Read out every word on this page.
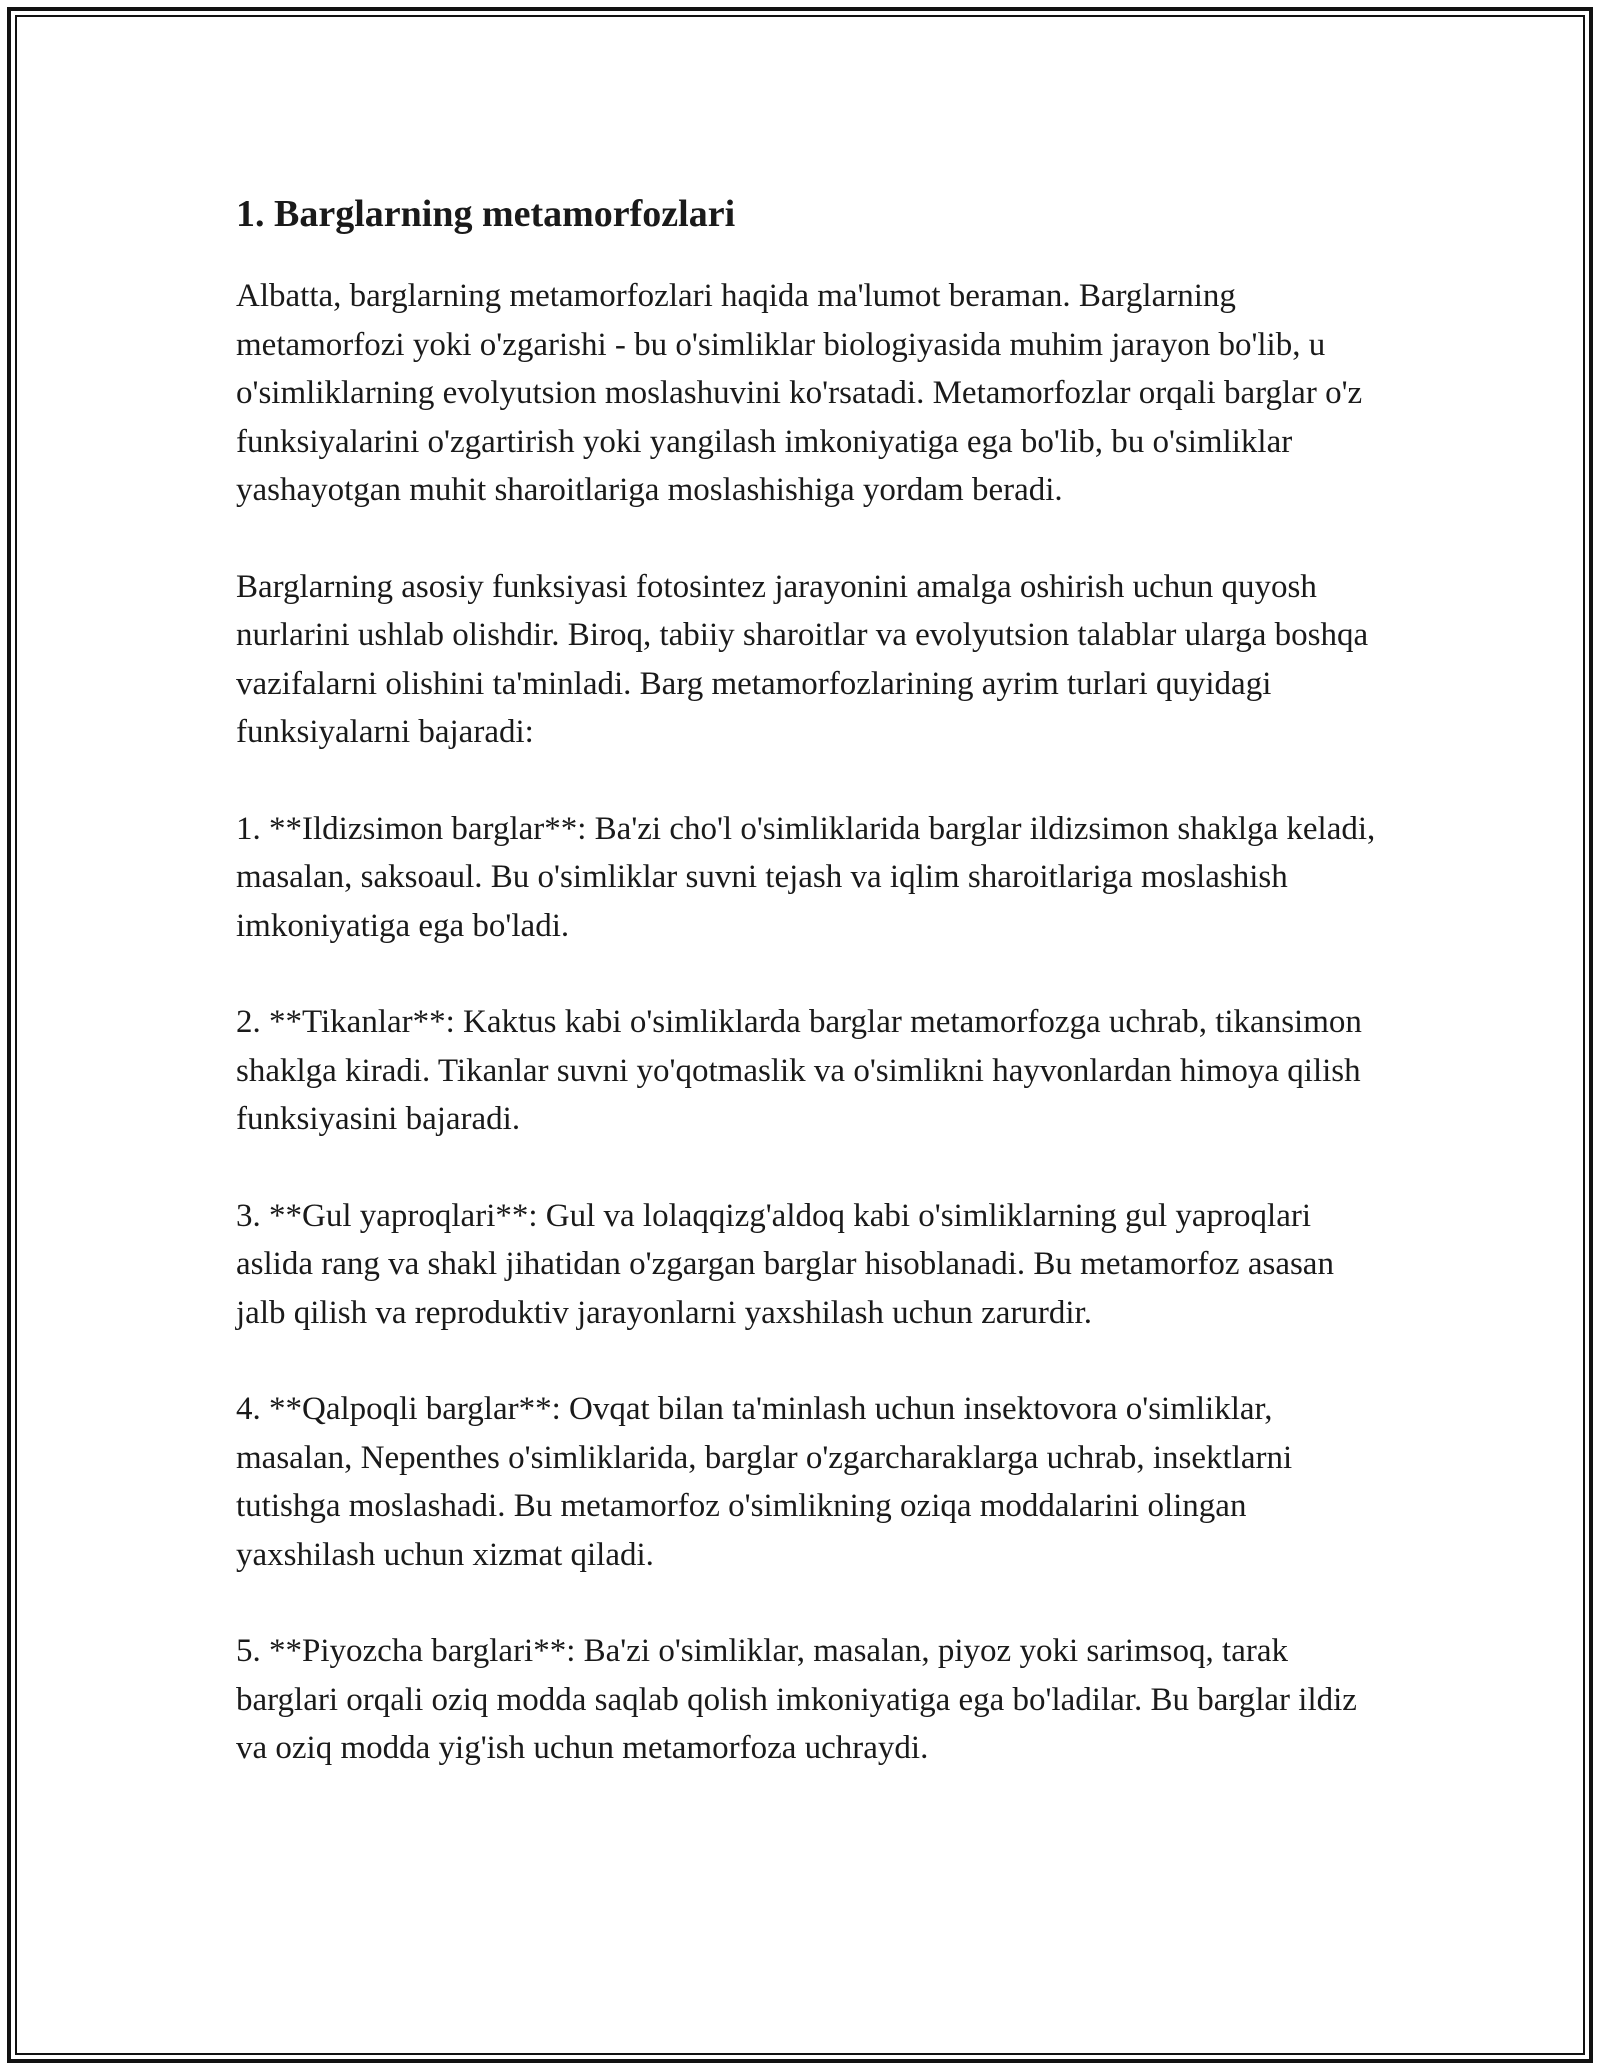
1. Barglarning metamorfozlari

Albatta, barglarning metamorfozlari haqida ma'lumot beraman. Barglarning metamorfozi yoki o'zgarishi - bu o'simliklar biologiyasida muhim jarayon bo'lib, u o'simliklarning evolyutsion moslashuvini ko'rsatadi. Metamorfozlar orqali barglar o'z funksiyalarini o'zgartirish yoki yangilash imkoniyatiga ega bo'lib, bu o'simliklar yashayotgan muhit sharoitlariga moslashishiga yordam beradi.

Barglarning asosiy funksiyasi fotosintez jarayonini amalga oshirish uchun quyosh nurlarini ushlab olishdir. Biroq, tabiiy sharoitlar va evolyutsion talablar ularga boshqa vazifalarni olishini ta'minladi. Barg metamorfozlarining ayrim turlari quyidagi funksiyalarni bajaradi:

1. **Ildizsimon barglar**: Ba'zi cho'l o'simliklarida barglar ildizsimon shaklga keladi, masalan, saksoaul. Bu o'simliklar suvni tejash va iqlim sharoitlariga moslashish imkoniyatiga ega bo'ladi.

2. **Tikanlar**: Kaktus kabi o'simliklarda barglar metamorfozga uchrab, tikansimon shaklga kiradi. Tikanlar suvni yo'qotmaslik va o'simlikni hayvonlardan himoya qilish funksiyasini bajaradi.

3. **Gul yaproqlari**: Gul va lolaqqizg'aldoq kabi o'simliklarning gul yaproqlari aslida rang va shakl jihatidan o'zgargan barglar hisoblanadi. Bu metamorfoz asasan jalb qilish va reproduktiv jarayonlarni yaxshilash uchun zarurdir.

4. **Qalpoqli barglar**: Ovqat bilan ta'minlash uchun insektovora o'simliklar, masalan, Nepenthes o'simliklarida, barglar o'zgarcharaklarga uchrab, insektlarni tutishga moslashadi. Bu metamorfoz o'simlikning oziqa moddalarini olingan yaxshilash uchun xizmat qiladi.

5. **Piyozcha barglari**: Ba'zi o'simliklar, masalan, piyoz yoki sarimsoq, tarak barglari orqali oziq modda saqlab qolish imkoniyatiga ega bo'ladilar. Bu barglar ildiz va oziq modda yig'ish uchun metamorfoza uchraydi.
